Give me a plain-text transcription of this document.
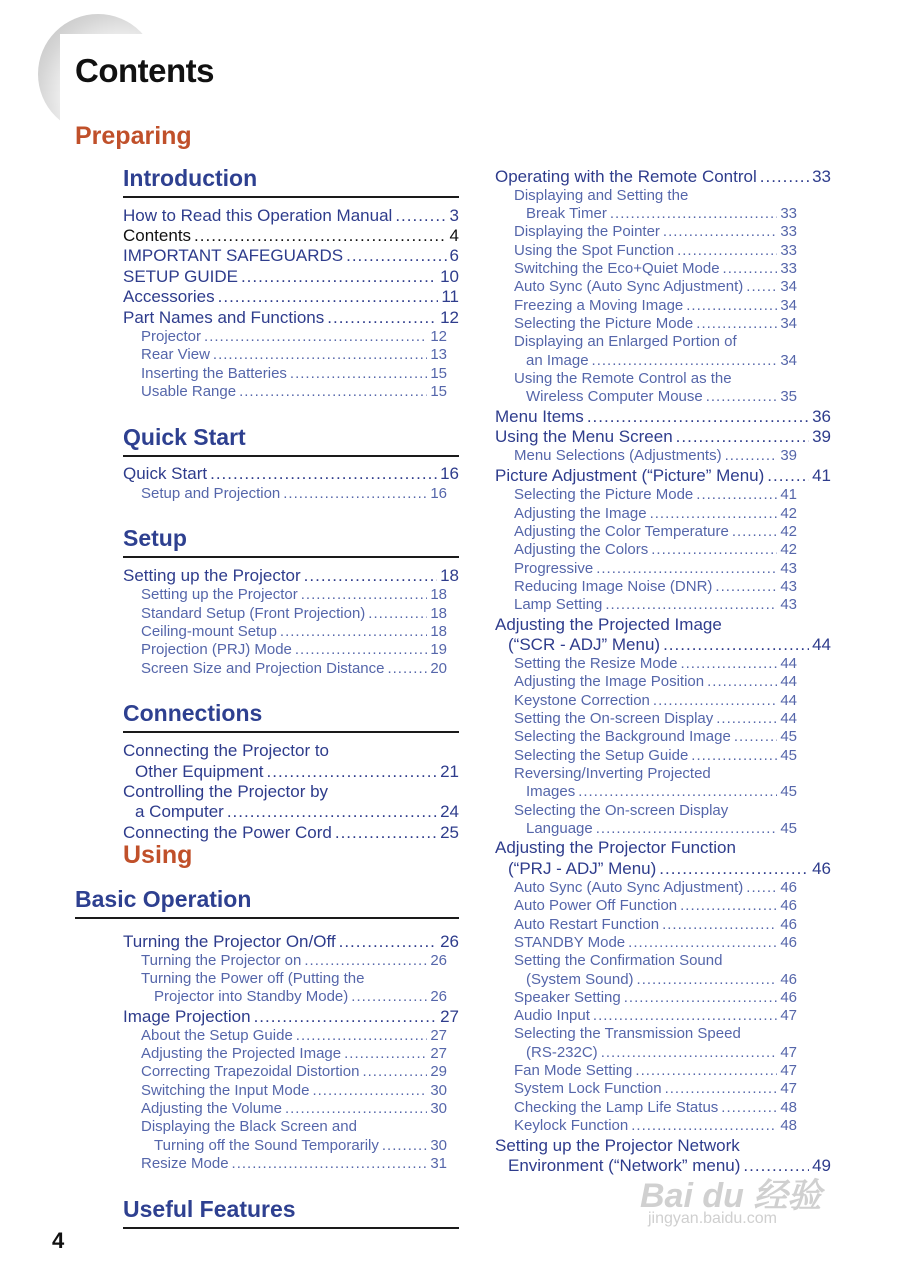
Contents
Preparing
Using
Introduction
Quick Start
Setup
Connections
Basic Operation
Useful Features
How to Read this Operation Manual .....	3
Contents .....	4
IMPORTANT SAFEGUARDS .....	6
SETUP GUIDE .....	10
Accessories .....	11
Part Names and Functions .....	12
Projector .....	12
Rear View .....	13
Inserting the Batteries .....	15
Usable Range .....	15
Quick Start .....	16
Setup and Projection .....	16
Setting up the Projector .....	18
Setting up the Projector .....	18
Standard Setup (Front Projection) .....	18
Ceiling-mount Setup .....	18
Projection (PRJ) Mode .....	19
Screen Size and Projection Distance .....	20
Connecting the Projector to
Other Equipment .....	21
Controlling the Projector by
a Computer .....	24
Connecting the Power Cord .....	25
Turning the Projector On/Off .....	26
Turning the Projector on .....	26
Turning the Power off (Putting the
Projector into Standby Mode) .....	26
Image Projection .....	27
About the Setup Guide .....	27
Adjusting the Projected Image .....	27
Correcting Trapezoidal Distortion .....	29
Switching the Input Mode .....	30
Adjusting the Volume .....	30
Displaying the Black Screen and
Turning off the Sound Temporarily .....	30
Resize Mode .....	31
Operating with the Remote Control .....	33
Displaying and Setting the
Break Timer .....	33
Displaying the Pointer .....	33
Using the Spot Function .....	33
Switching the Eco+Quiet Mode .....	33
Auto Sync (Auto Sync Adjustment) ..... 34
Freezing a Moving Image .....	34
Selecting the Picture Mode .....	34
Displaying an Enlarged Portion of
an Image .....	34
Using the Remote Control as the
Wireless Computer Mouse .....	35
Menu Items .....	36
Using the Menu Screen .....	39
Menu Selections (Adjustments) .....	39
Picture Adjustment (“Picture” Menu) .....	41
Selecting the Picture Mode .....	41
Adjusting the Image .....	42
Adjusting the Color Temperature .....	42
Adjusting the Colors .....	42
Progressive .....	43
Reducing Image Noise (DNR) .....	43
Lamp Setting .....	43
Adjusting the Projected Image
(“SCR - ADJ” Menu) .....	44
Setting the Resize Mode .....	44
Adjusting the Image Position .....	44
Keystone Correction .....	44
Setting the On-screen Display .....	44
Selecting the Background Image .....	45
Selecting the Setup Guide .....	45
Reversing/Inverting Projected
Images .....	45
Selecting the On-screen Display
Language .....	45
Adjusting the Projector Function
(“PRJ - ADJ” Menu) .....	46
Auto Sync (Auto Sync Adjustment) ..... 46
Auto Power Off Function .....	46
Auto Restart Function .....	46
STANDBY Mode .....	46
Setting the Confirmation Sound
(System Sound) .....	46
Speaker Setting .....	46
Audio Input .....	47
Selecting the Transmission Speed
(RS-232C) .....	47
Fan Mode Setting .....	47
System Lock Function .....	47
Checking the Lamp Life Status .....	48
Keylock Function .....	48
Setting up the Projector Network
Environment (“Network” menu) .....	49
4
Bai du 经验
jingyan.baidu.com
